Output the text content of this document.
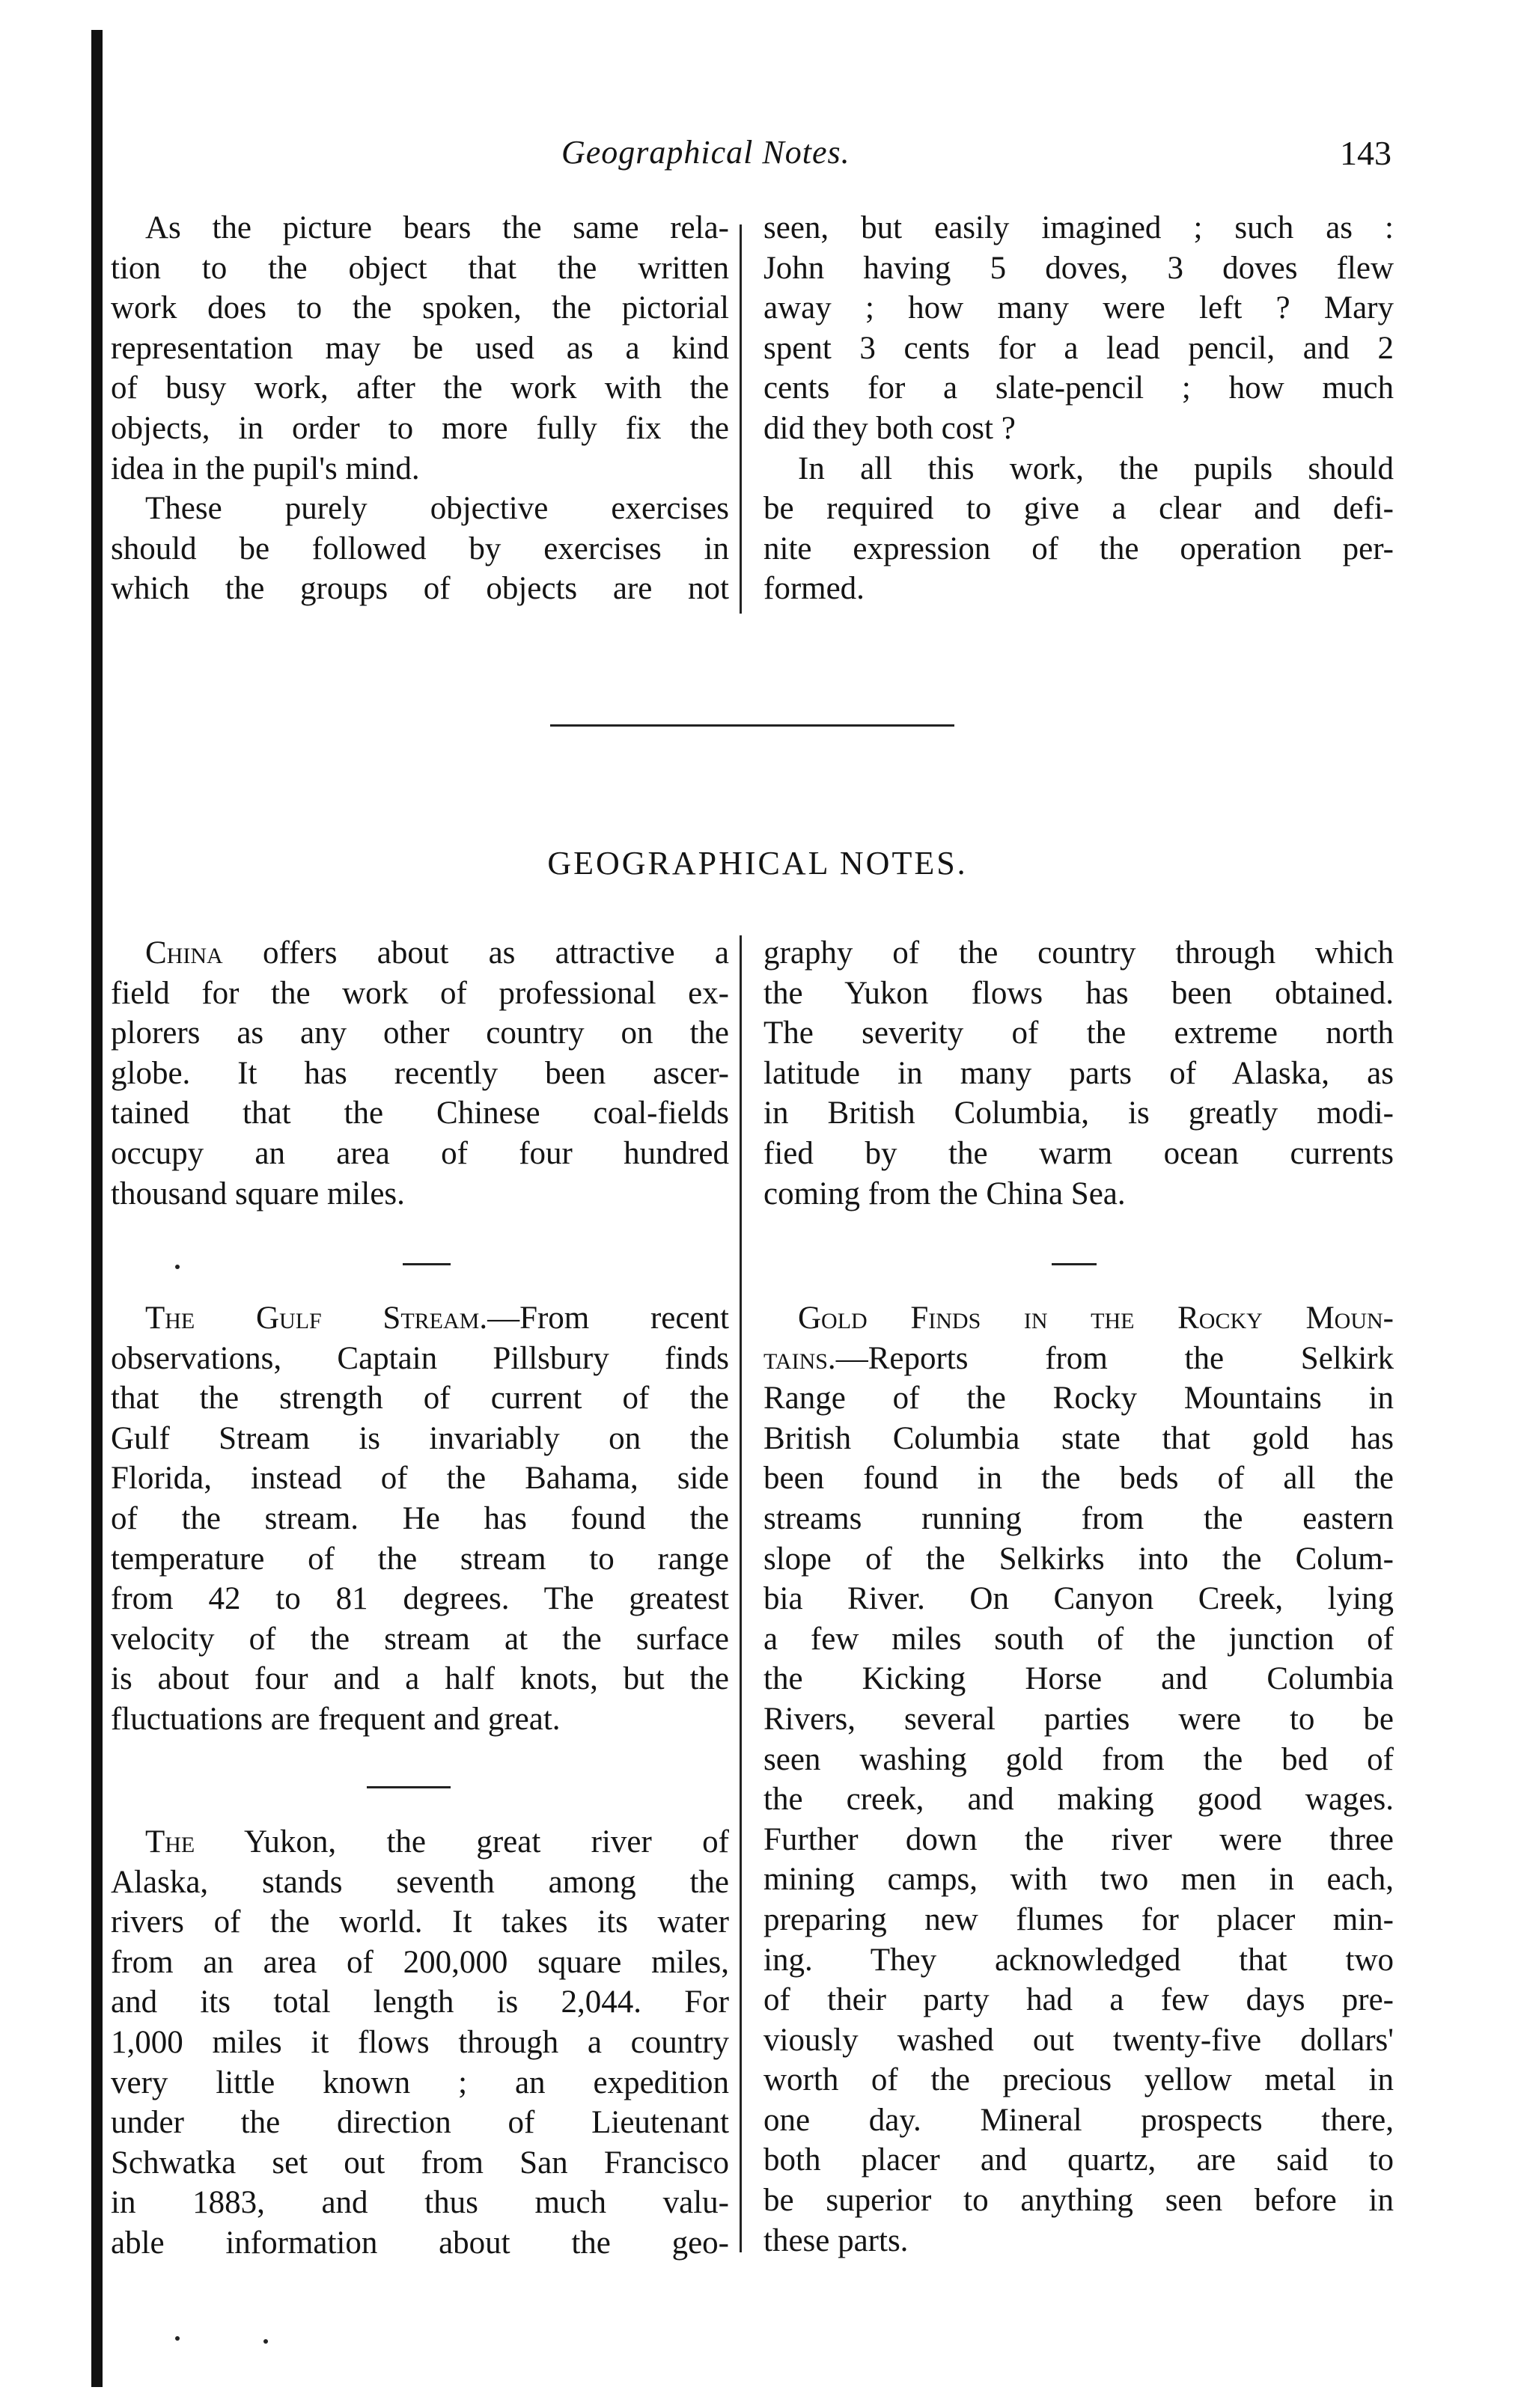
Geographical Notes.	143

As the picture bears the same rela-
tion to the object that the written
work does to the spoken, the pictorial
representation may be used as a kind
of busy work, after the work with the
objects, in order to more fully fix the
idea in the pupil's mind.

These purely objective exercises
should be followed by exercises in
which the groups of objects are not

seen, but easily imagined ; such as :
John having 5 doves, 3 doves flew
away ; how many were left ? Mary
spent 3 cents for a lead pencil, and 2
cents for a slate-pencil ; how much
did they both cost ?

In all this work, the pupils should
be required to give a clear and defi-
nite expression of the operation per-
formed.

GEOGRAPHICAL NOTES.

China offers about as attractive a
field for the work of professional ex-
plorers as any other country on the
globe. It has recently been ascer-
tained that the Chinese coal-fields
occupy an area of four hundred
thousand square miles.

The Gulf Stream.—From recent
observations, Captain Pillsbury finds
that the strength of current of the
Gulf Stream is invariably on the
Florida, instead of the Bahama, side
of the stream. He has found the
temperature of the stream to range
from 42 to 81 degrees. The greatest
velocity of the stream at the surface
is about four and a half knots, but the
fluctuations are frequent and great.

The Yukon, the great river of
Alaska, stands seventh among the
rivers of the world. It takes its water
from an area of 200,000 square miles,
and its total length is 2,044. For
1,000 miles it flows through a country
very little known ; an expedition
under the direction of Lieutenant
Schwatka set out from San Francisco
in 1883, and thus much valu-
able information about the geo-

graphy of the country through which
the Yukon flows has been obtained.
The severity of the extreme north
latitude in many parts of Alaska, as
in British Columbia, is greatly modi-
fied by the warm ocean currents
coming from the China Sea.

Gold Finds in the Rocky Moun-
tains.—Reports from the Selkirk
Range of the Rocky Mountains in
British Columbia state that gold has
been found in the beds of all the
streams running from the eastern
slope of the Selkirks into the Colum-
bia River. On Canyon Creek, lying
a few miles south of the junction of
the Kicking Horse and Columbia
Rivers, several parties were to be
seen washing gold from the bed of
the creek, and making good wages.
Further down the river were three
mining camps, with two men in each,
preparing new flumes for placer min-
ing. They acknowledged that two
of their party had a few days pre-
viously washed out twenty-five dollars'
worth of the precious yellow metal in
one day. Mineral prospects there,
both placer and quartz, are said to
be superior to anything seen before in
these parts.
